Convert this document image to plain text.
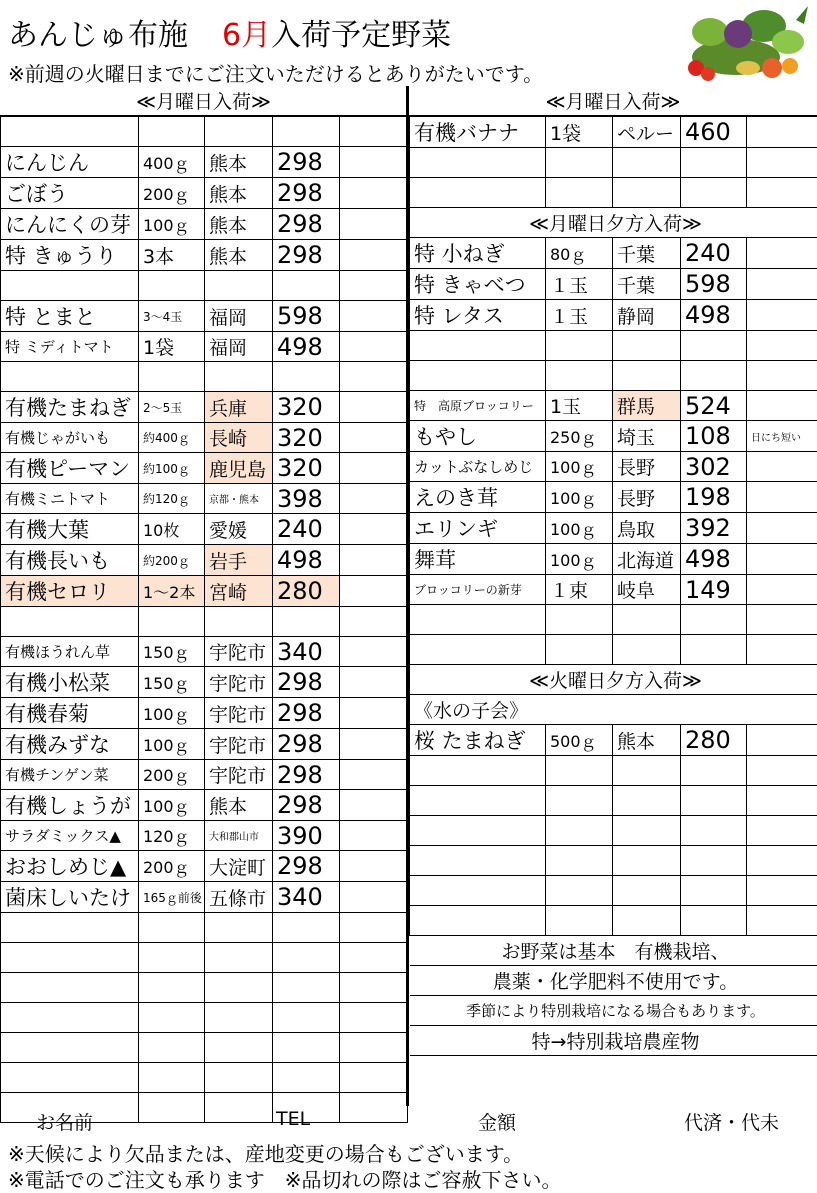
あんじゅ布施 6月入荷予定野菜
※前週の火曜日までにご注文いただけるとありがたいです。
≪月曜日入荷≫

にんじん	400ｇ	熊本	298	
ごぼう	200ｇ	熊本	298	
にんにくの芽	100ｇ	熊本	298	
特 きゅうり	3本	熊本	298	

特 とまと	3～4玉	福岡	598	
特 ミディトマト	1袋	福岡	498	

有機たまねぎ	2～5玉	兵庫	320	
有機じゃがいも	約400ｇ	長崎	320	
有機ピーマン	約100ｇ	鹿児島	320	
有機ミニトマト	約120ｇ	京都・熊本	398	
有機大葉	10枚	愛媛	240	
有機長いも	約200ｇ	岩手	498	
有機セロリ	1～2本	宮崎	280	

有機ほうれん草	150ｇ	宇陀市	340	
有機小松菜	150ｇ	宇陀市	298	
有機春菊	100ｇ	宇陀市	298	
有機みずな	100ｇ	宇陀市	298	
有機チンゲン菜	200ｇ	宇陀市	298	
有機しょうが	100ｇ	熊本	298	
サラダミックス▲	120ｇ	大和郡山市	390	
おおしめじ▲	200ｇ	大淀町	298	
菌床しいたけ	165ｇ前後	五條市	340	

≪月曜日入荷≫
有機バナナ	1袋	ペルー	460	

≪月曜日夕方入荷≫				
特 小ねぎ	80ｇ	千葉	240	
特 きゃべつ	１玉	千葉	598	
特 レタス	１玉	静岡	498	

特　高原ブロッコリー	1玉	群馬	524	
もやし	250ｇ	埼玉	108	日にち短い
カットぶなしめじ	100ｇ	長野	302	
えのき茸	100ｇ	長野	198	
エリンギ	100ｇ	鳥取	392	
舞茸	100ｇ	北海道	498	
ブロッコリーの新芽	１束	岐阜	149	

≪火曜日夕方入荷≫				
《水の子会》				
桜 たまねぎ	500ｇ	熊本	280	

お野菜は基本　有機栽培、				
農薬・化学肥料不使用です。				
季節により特別栽培になる場合もあります。				
特→特別栽培農産物				
お名前	TEL	金額	代済・代未
※天候により欠品または、産地変更の場合もございます。
※電話でのご注文も承ります　※品切れの際はご容赦下さい。
